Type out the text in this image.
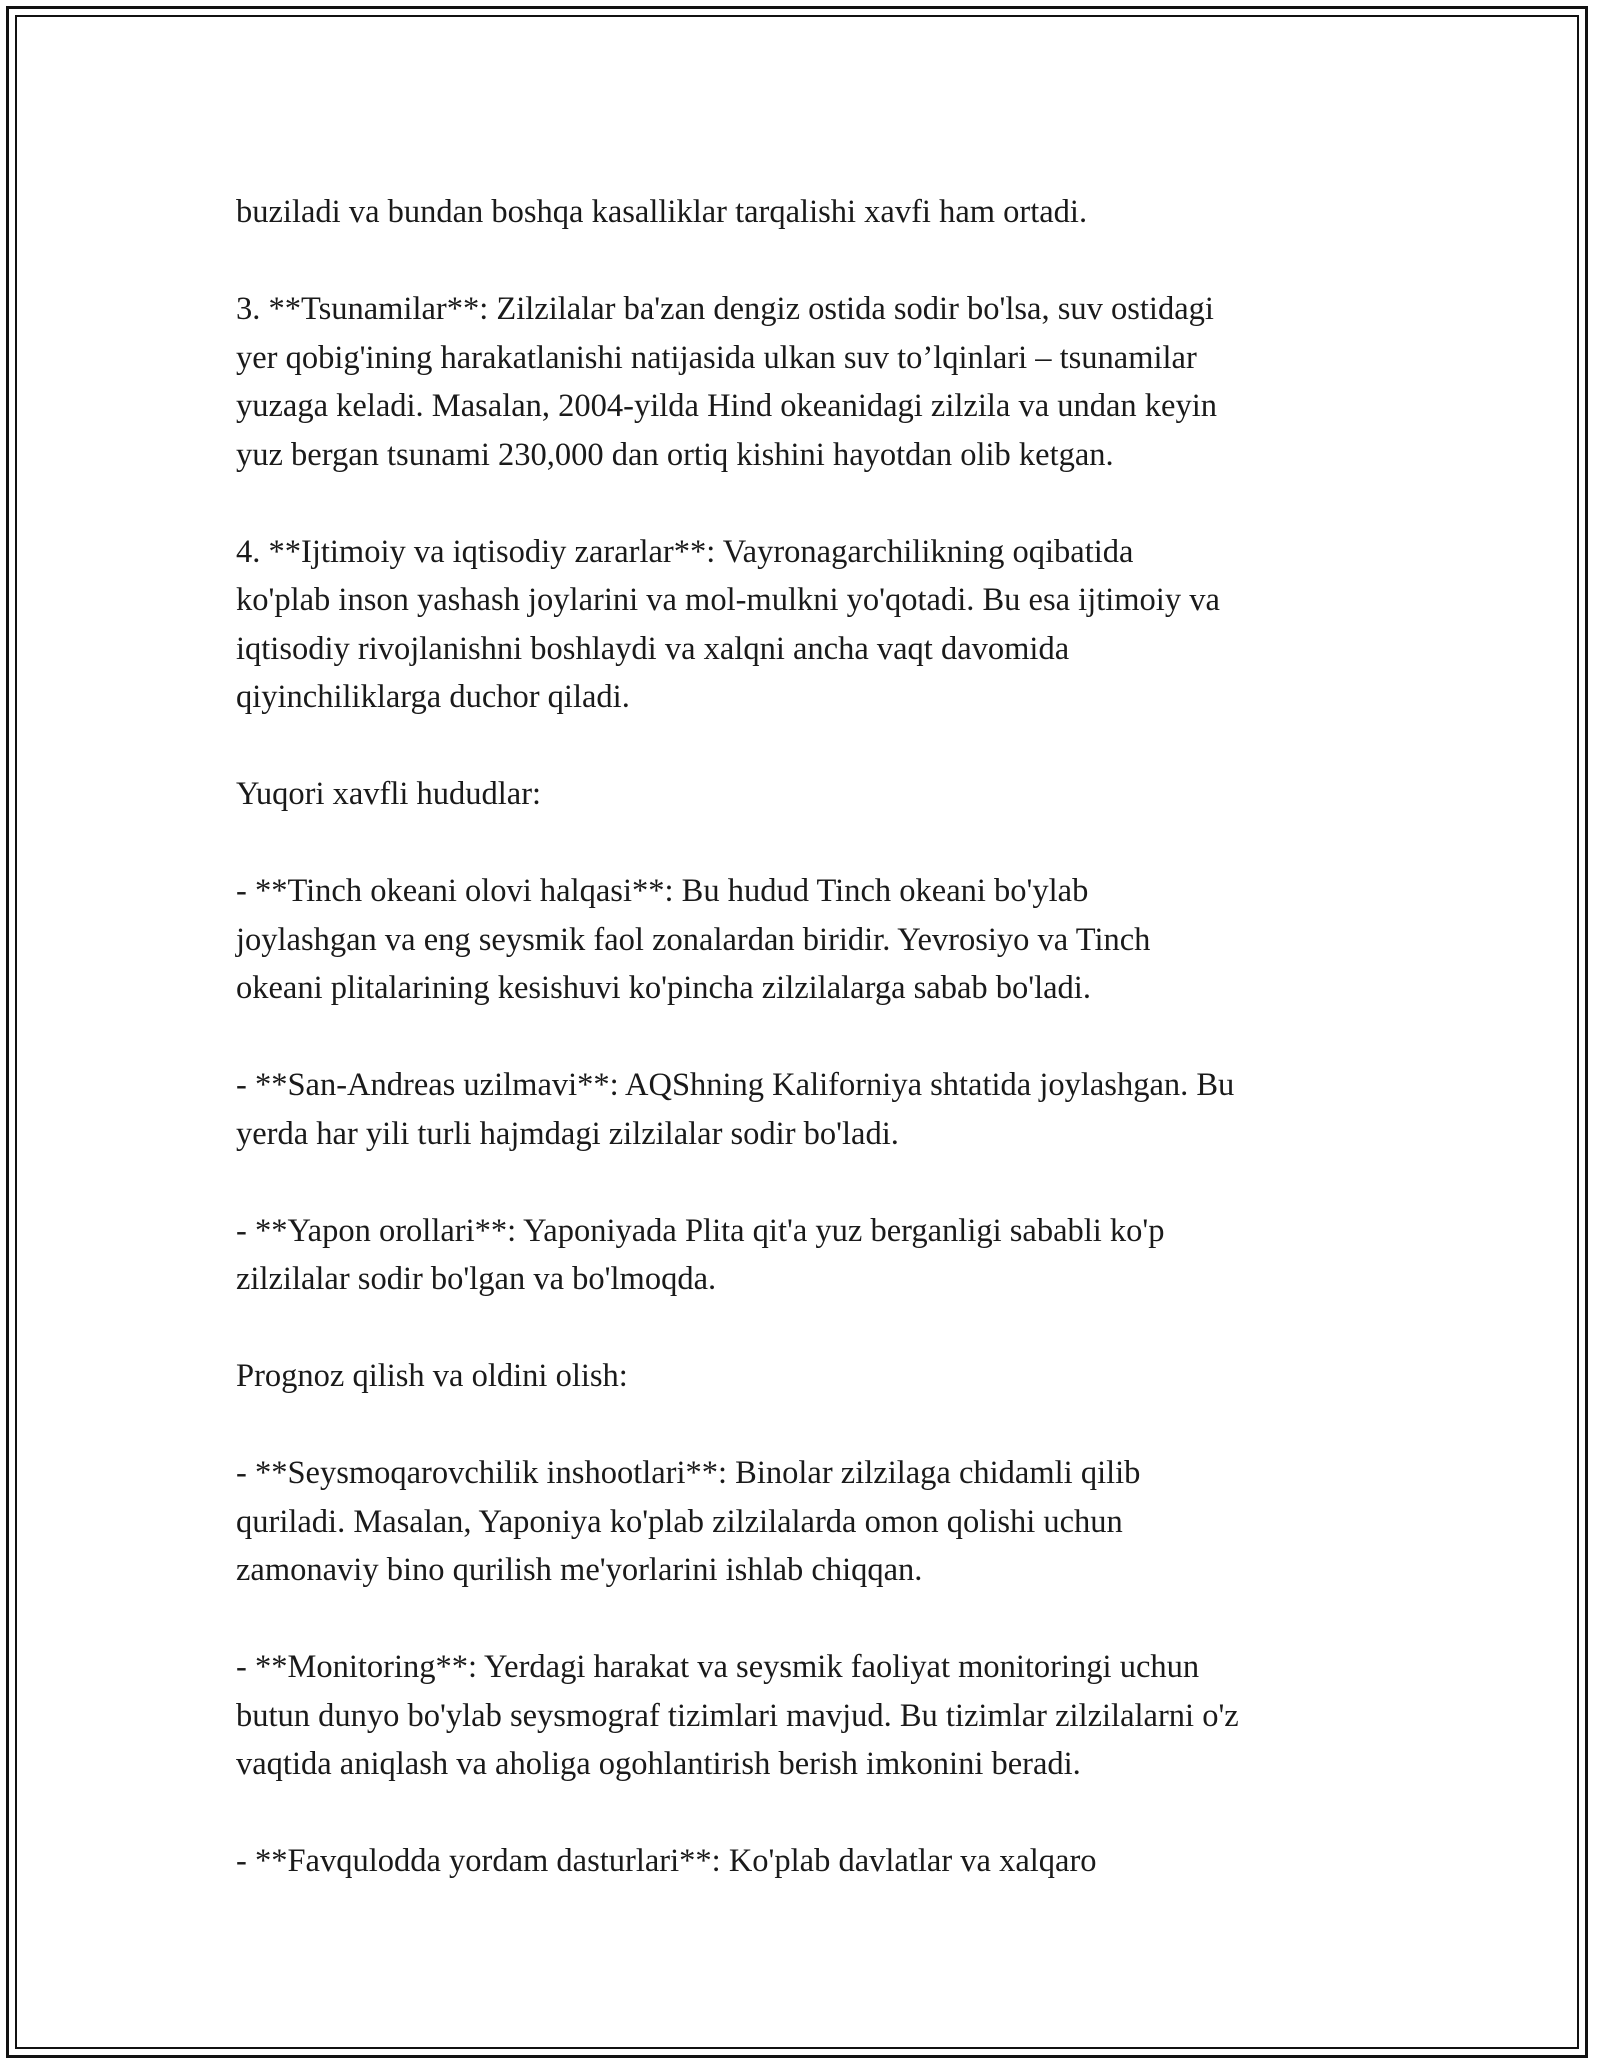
buziladi va bundan boshqa kasalliklar tarqalishi xavfi ham ortadi.

3. **Tsunamilar**: Zilzilalar ba'zan dengiz ostida sodir bo'lsa, suv ostidagi
yer qobig'ining harakatlanishi natijasida ulkan suv to’lqinlari – tsunamilar
yuzaga keladi. Masalan, 2004-yilda Hind okeanidagi zilzila va undan keyin
yuz bergan tsunami 230,000 dan ortiq kishini hayotdan olib ketgan.

4. **Ijtimoiy va iqtisodiy zararlar**: Vayronagarchilikning oqibatida
ko'plab inson yashash joylarini va mol-mulkni yo'qotadi. Bu esa ijtimoiy va
iqtisodiy rivojlanishni boshlaydi va xalqni ancha vaqt davomida
qiyinchiliklarga duchor qiladi.

Yuqori xavfli hududlar:

- **Tinch okeani olovi halqasi**: Bu hudud Tinch okeani bo'ylab
joylashgan va eng seysmik faol zonalardan biridir. Yevrosiyo va Tinch
okeani plitalarining kesishuvi ko'pincha zilzilalarga sabab bo'ladi.

- **San-Andreas uzilmavi**: AQShning Kaliforniya shtatida joylashgan. Bu
yerda har yili turli hajmdagi zilzilalar sodir bo'ladi.

- **Yapon orollari**: Yaponiyada Plita qit'a yuz berganligi sababli ko'p
zilzilalar sodir bo'lgan va bo'lmoqda.

Prognoz qilish va oldini olish:

- **Seysmoqarovchilik inshootlari**: Binolar zilzilaga chidamli qilib
quriladi. Masalan, Yaponiya ko'plab zilzilalarda omon qolishi uchun
zamonaviy bino qurilish me'yorlarini ishlab chiqqan.

- **Monitoring**: Yerdagi harakat va seysmik faoliyat monitoringi uchun
butun dunyo bo'ylab seysmograf tizimlari mavjud. Bu tizimlar zilzilalarni o'z
vaqtida aniqlash va aholiga ogohlantirish berish imkonini beradi.

- **Favqulodda yordam dasturlari**: Ko'plab davlatlar va xalqaro
